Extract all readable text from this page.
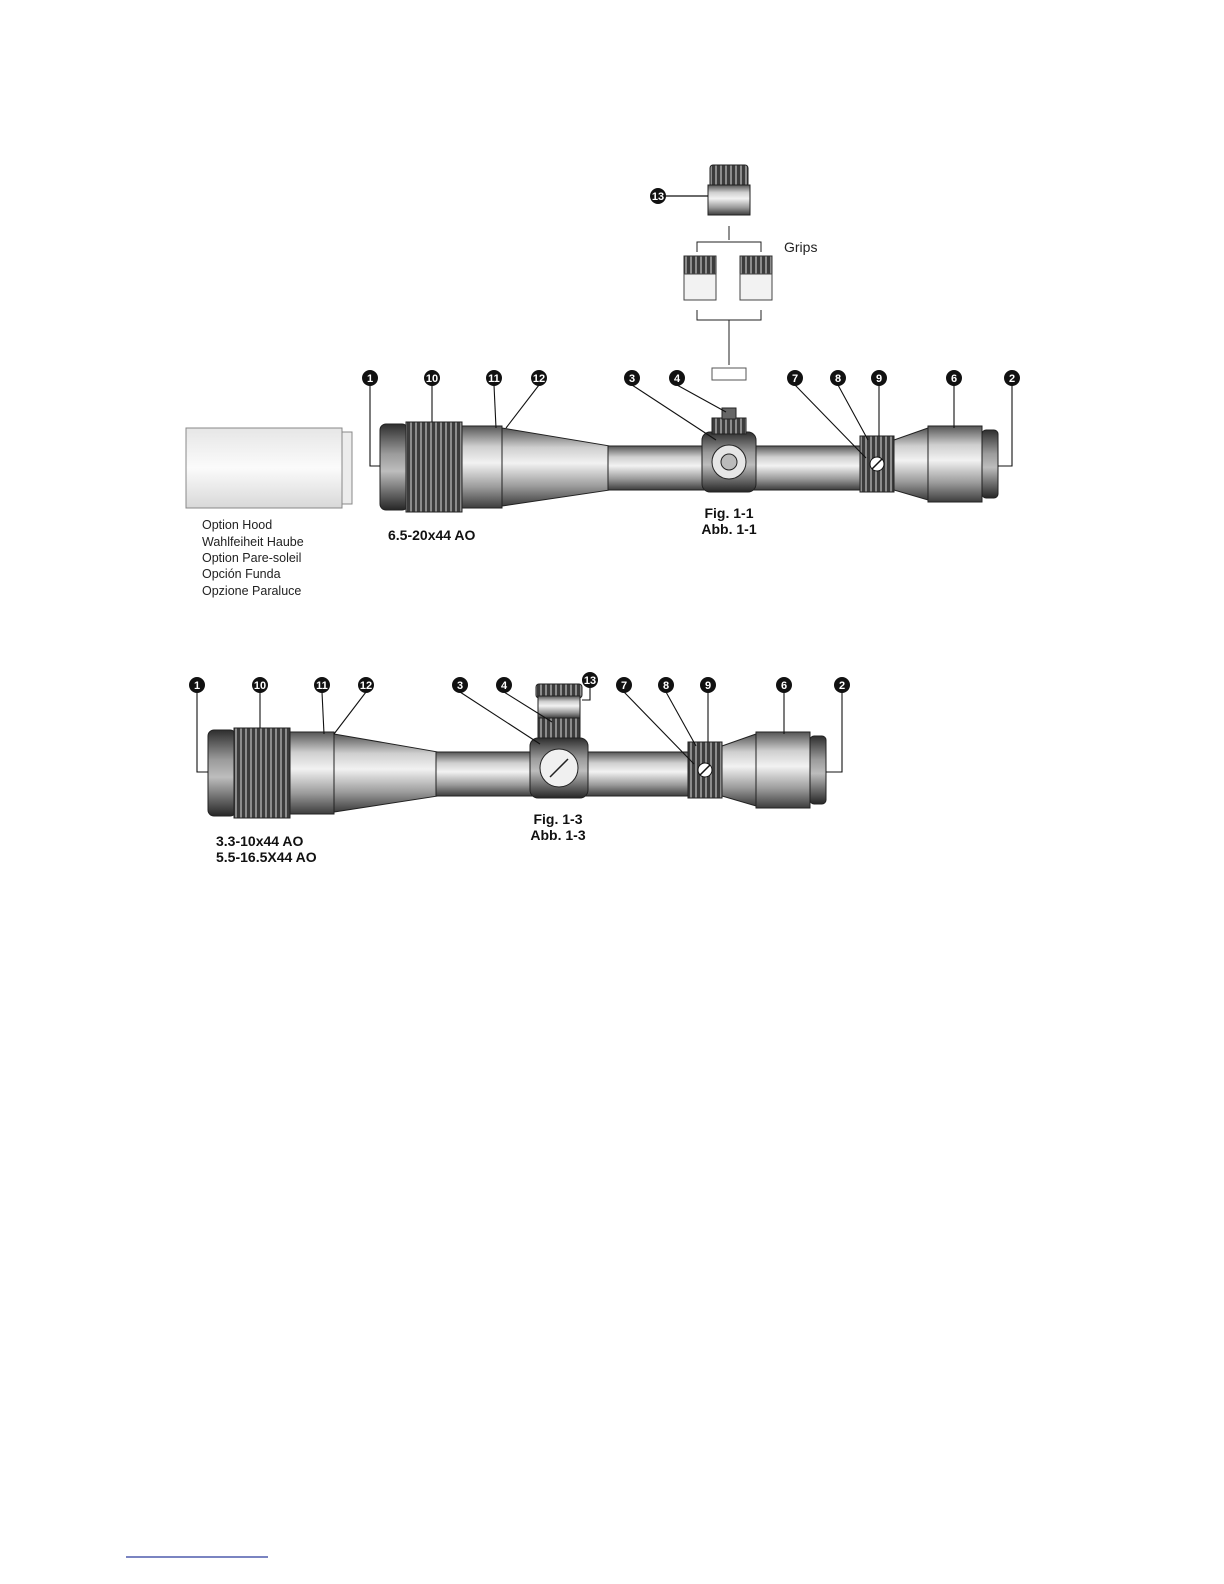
Grips
Option Hood
Wahlfeiheit Haube
Option Pare-soleil
Opción Funda
Opzione Paraluce
1	10	11	12	3	4	7	8	9	6	2
13
6.5-20x44 AO
Fig. 1-1
Abb. 1-1
1	10	11	12	3	4	13 7	8	9	6	2
3.3-10x44 AO
5.5-16.5X44 AO
Fig. 1-3
Abb. 1-3
